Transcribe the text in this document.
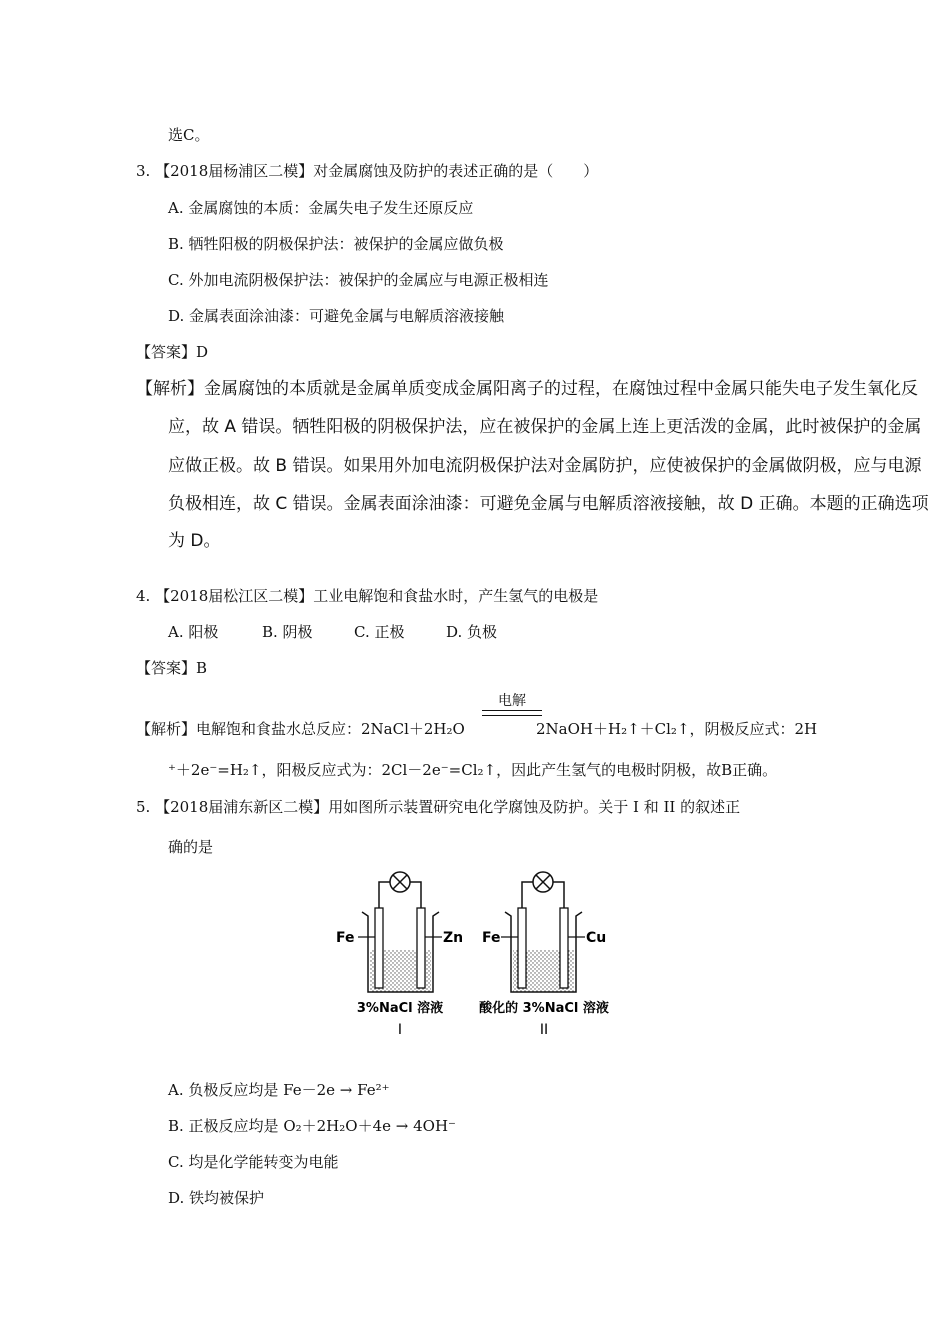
选C。
3. 【2018届杨浦区二模】对金属腐蚀及防护的表述正确的是（　　）
A. 金属腐蚀的本质：金属失电子发生还原反应
B. 牺牲阳极的阴极保护法：被保护的金属应做负极
C. 外加电流阴极保护法：被保护的金属应与电源正极相连
D. 金属表面涂油漆：可避免金属与电解质溶液接触
【答案】D
【解析】金属腐蚀的本质就是金属单质变成金属阳离子的过程，在腐蚀过程中金属只能失电子发生氧化反
应，故 A 错误。牺牲阳极的阴极保护法，应在被保护的金属上连上更活泼的金属，此时被保护的金属
应做正极。故 B 错误。如果用外加电流阴极保护法对金属防护，应使被保护的金属做阴极，应与电源
负极相连，故 C 错误。金属表面涂油漆：可避免金属与电解质溶液接触，故 D 正确。本题的正确选项
为 D。
4. 【2018届松江区二模】工业电解饱和食盐水时，产生氢气的电极是
A. 阳极	B. 阴极	C. 正极	D. 负极
【答案】B
电解
【解析】电解饱和食盐水总反应：2NaCl＋2H₂O	2NaOH＋H₂↑＋Cl₂↑，阴极反应式：2H
⁺＋2e⁻=H₂↑，阳极反应式为：2Cl－2e⁻=Cl₂↑，因此产生氢气的电极时阴极，故B正确。
5. 【2018届浦东新区二模】用如图所示装置研究电化学腐蚀及防护。关于 I 和 II 的叙述正
确的是
Fe	Zn
3%NaCl 溶液
I
Fe	Cu
酸化的 3%NaCl 溶液
II
A. 负极反应均是 Fe－2e → Fe²⁺
B. 正极反应均是 O₂＋2H₂O＋4e → 4OH⁻
C. 均是化学能转变为电能
D. 铁均被保护
